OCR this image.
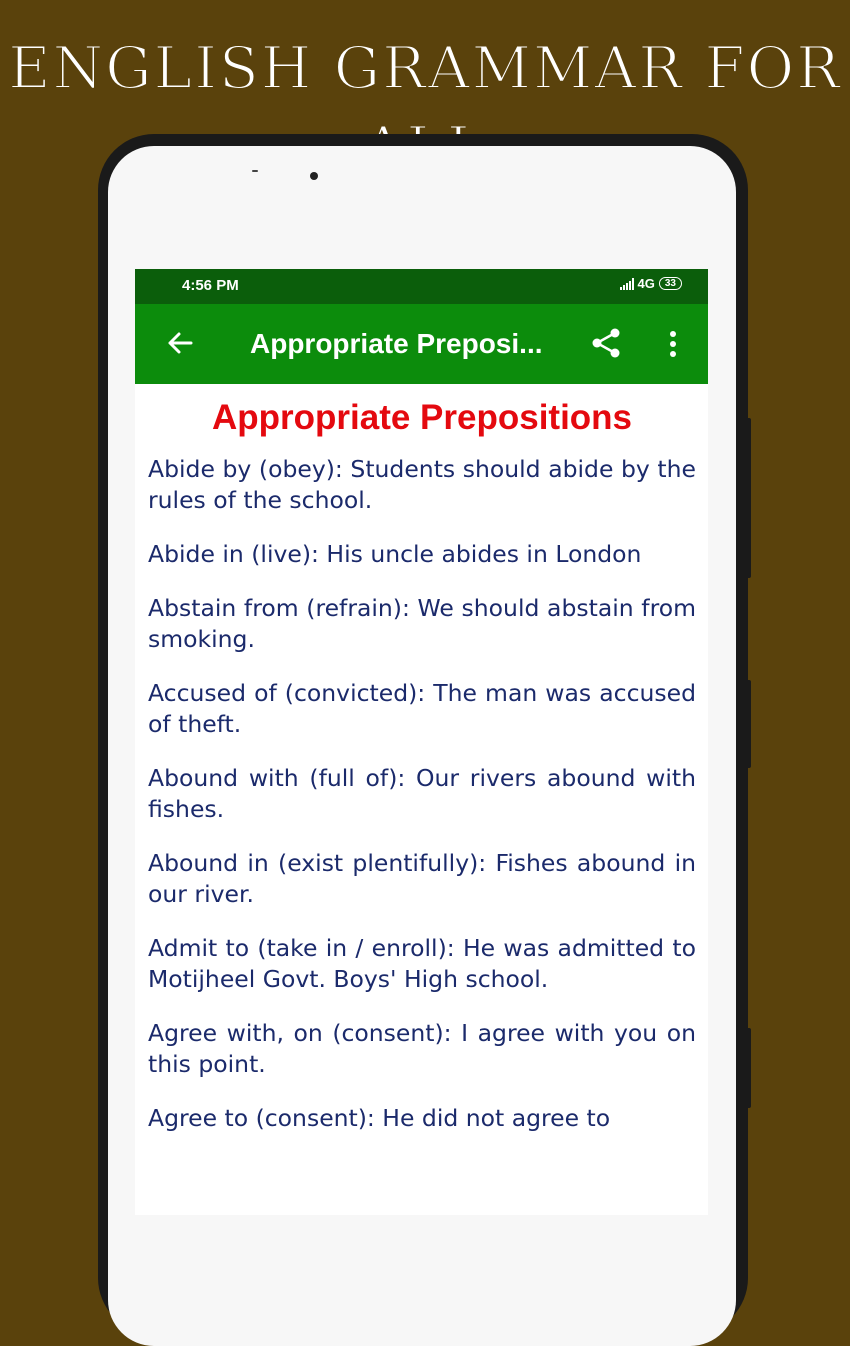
ENGLISH GRAMMAR FOR
4:56 PM	4G	33
Appropriate Preposi...
Appropriate Prepositions

Abide by (obey): Students should abide by the rules of the school.

Abide in (live): His uncle abides in London

Abstain from (refrain): We should abstain from smoking.

Accused of (convicted): The man was accused of theft.

Abound with (full of): Our rivers abound with fishes.

Abound in (exist plentifully): Fishes abound in our river.

Admit to (take in / enroll): He was admitted to Motijheel Govt. Boys' High school.

Agree with, on (consent): I agree with you on this point.

Agree to (consent): He did not agree to
